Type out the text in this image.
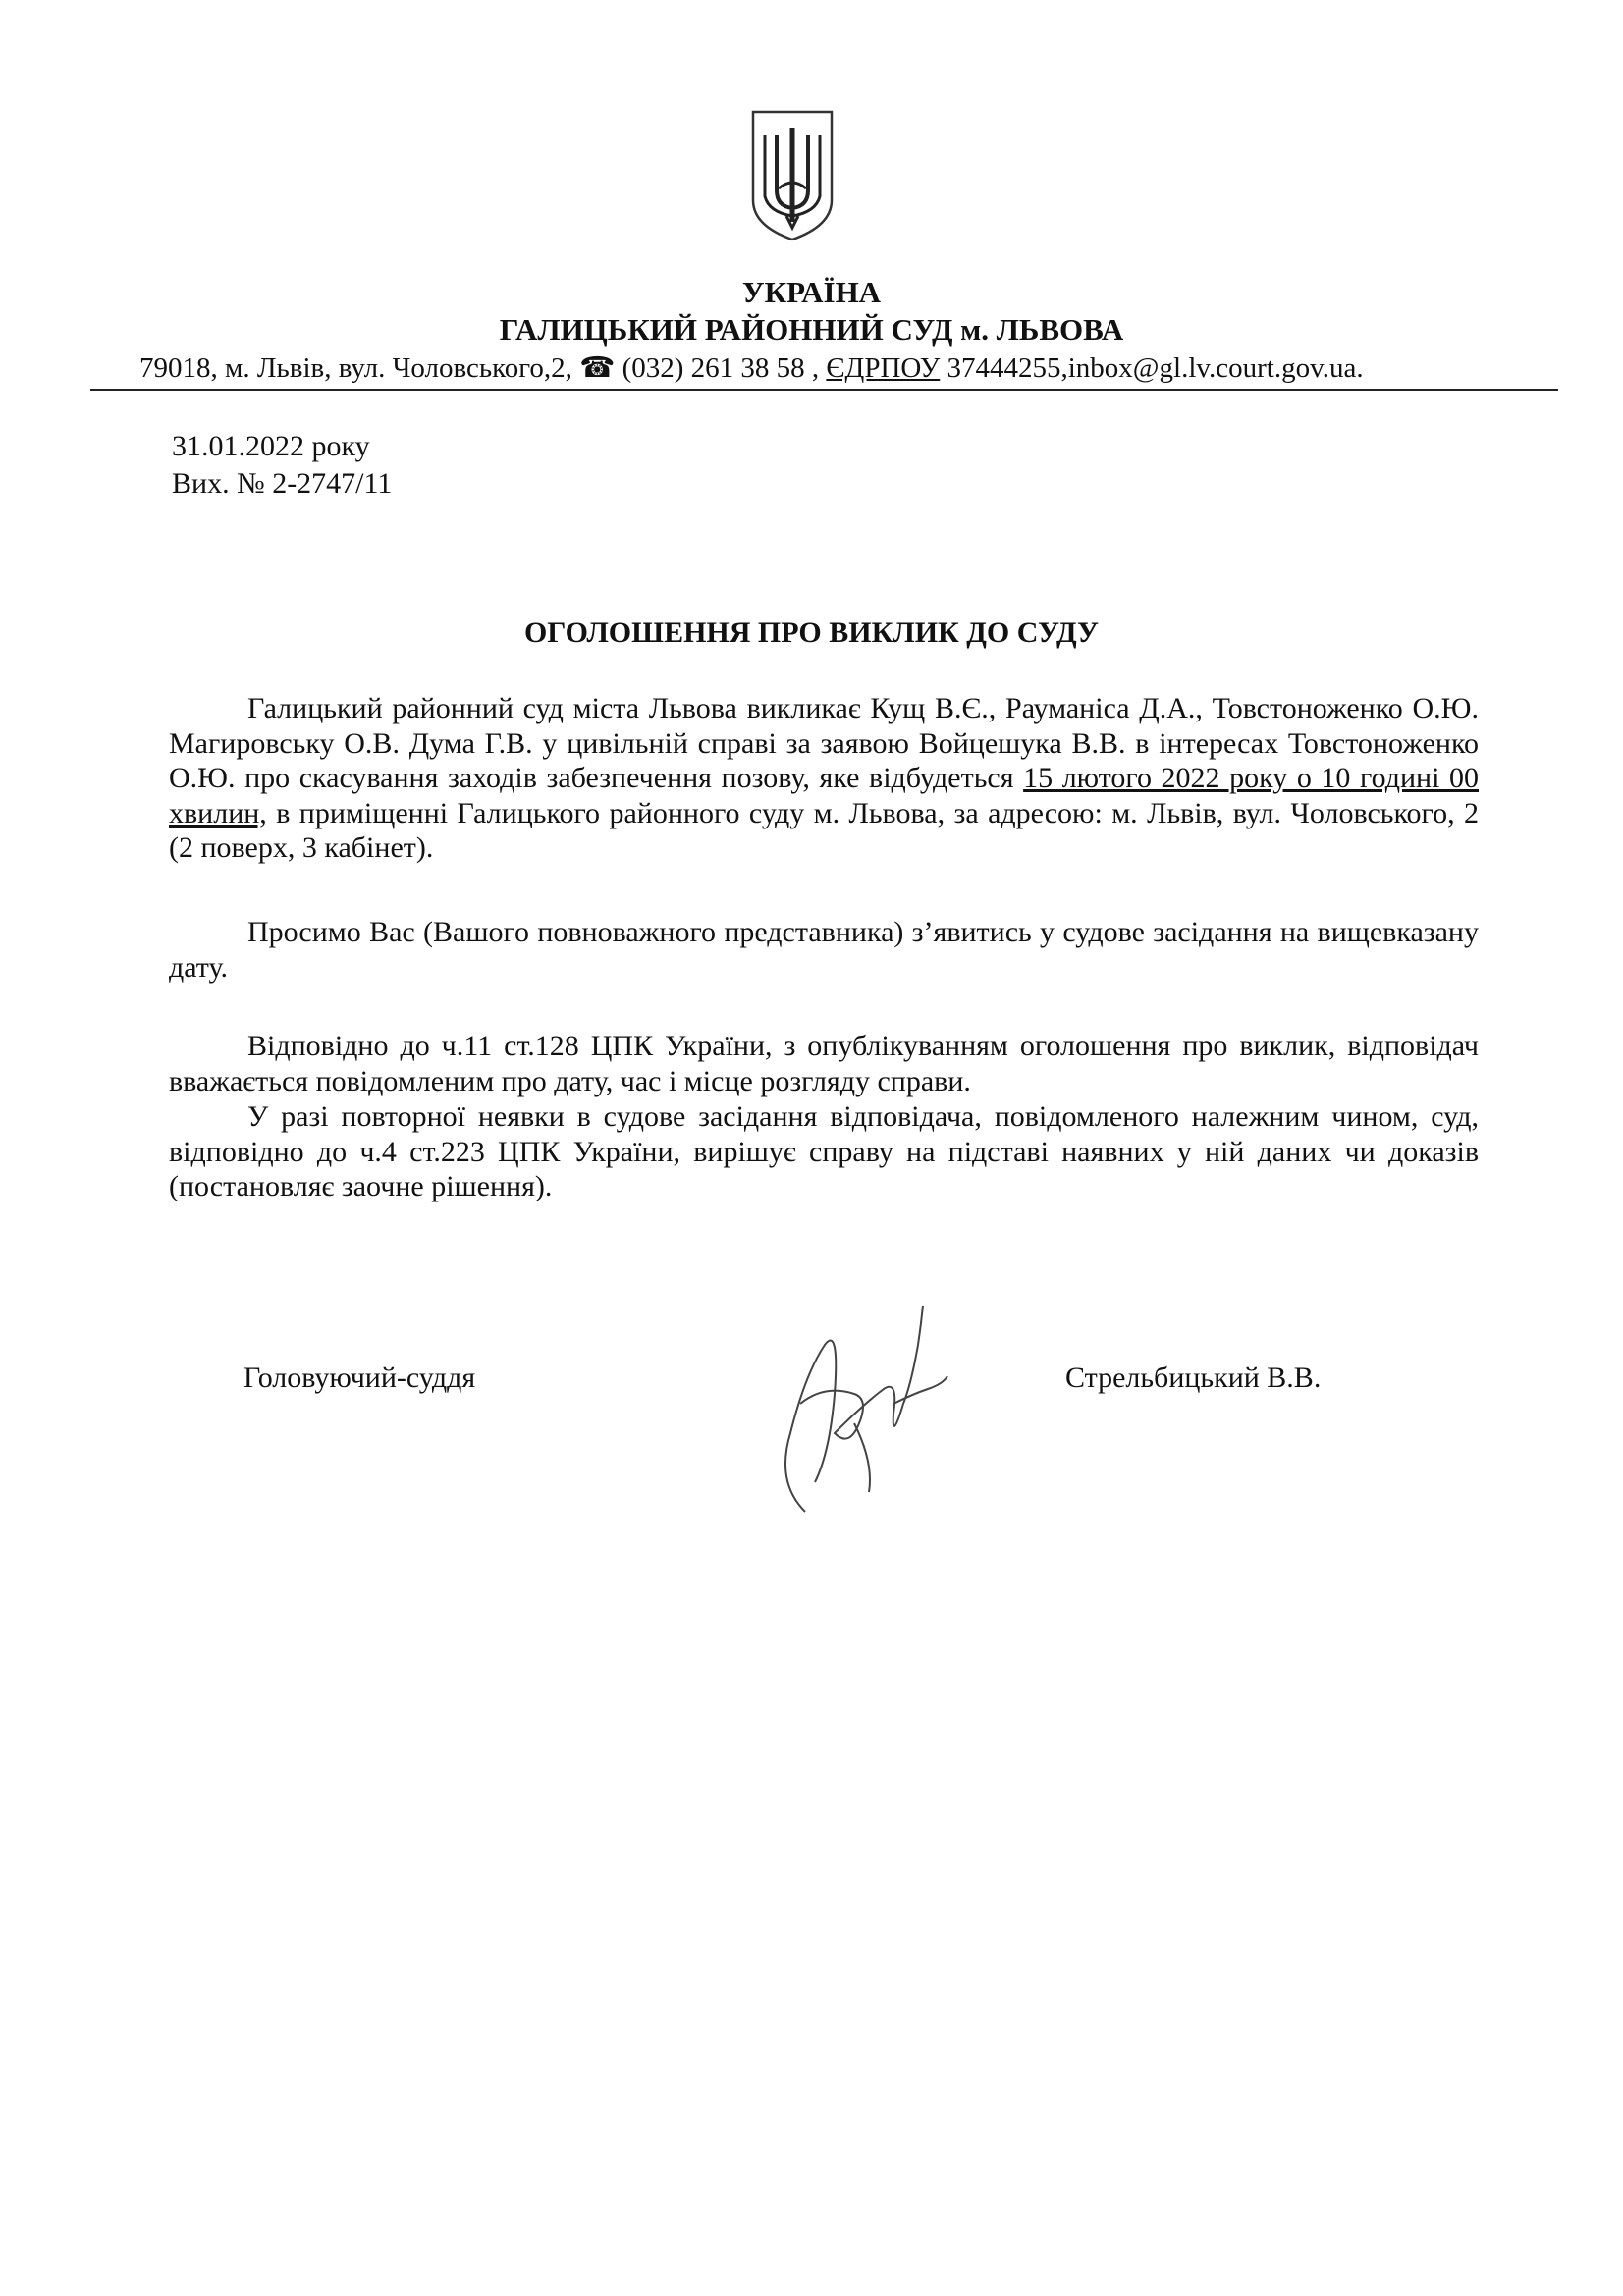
УКРАЇНА
ГАЛИЦЬКИЙ РАЙОННИЙ СУД м. ЛЬВОВА
79018, м. Львів, вул. Чоловського,2, ☎ (032) 261 38 58 , ЄДРПОУ 37444255,inbox@gl.lv.court.gov.ua.
31.01.2022 року
Вих. № 2-2747/11
ОГОЛОШЕННЯ ПРО ВИКЛИК ДО СУДУ
Галицький районний суд міста Львова викликає Кущ В.Є., Рауманіса Д.А., Товстоноженко О.Ю. Магировську О.В. Дума Г.В. у цивільній справі за заявою Войцешука В.В. в інтересах Товстоноженко О.Ю. про скасування заходів забезпечення позову, яке відбудеться 15 лютого 2022 року о 10 годині 00 хвилин, в приміщенні Галицького районного суду м. Львова, за адресою: м. Львів, вул. Чоловського, 2 (2 поверх, 3 кабінет).
Просимо Вас (Вашого повноважного представника) з’явитись у судове засідання на вищевказану дату.
Відповідно до ч.11 ст.128 ЦПК України, з опублікуванням оголошення про виклик, відповідач вважається повідомленим про дату, час і місце розгляду справи.
У разі повторної неявки в судове засідання відповідача, повідомленого належним чином, суд, відповідно до ч.4 ст.223 ЦПК України, вирішує справу на підставі наявних у ній даних чи доказів (постановляє заочне рішення).
Головуючий-суддя	Стрельбицький В.В.
